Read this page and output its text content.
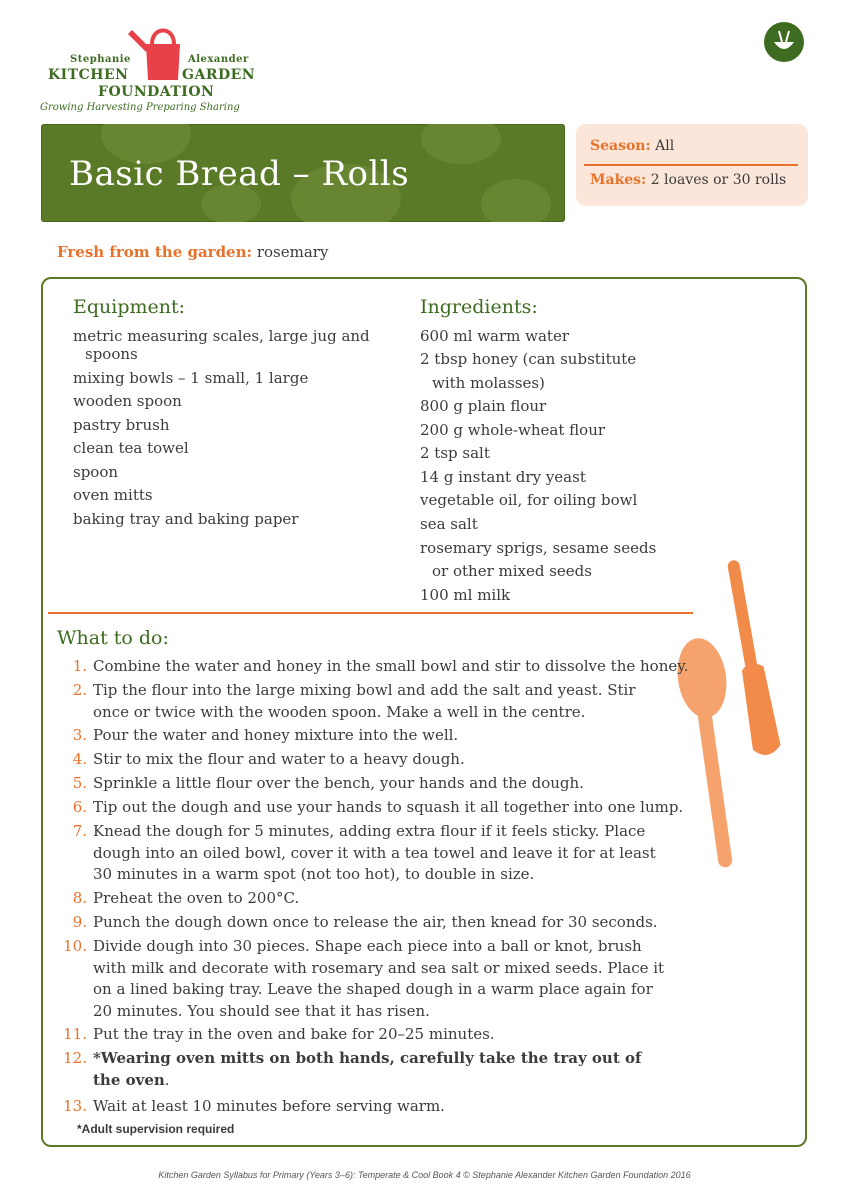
Stephanie	Alexander
KITCHEN	GARDEN
FOUNDATION
Growing Harvesting Preparing Sharing
Basic Bread – Rolls
Season: All
Makes: 2 loaves or 30 rolls
Fresh from the garden: rosemary
Equipment:
metric measuring scales, large jug and
spoons
mixing bowls – 1 small, 1 large
wooden spoon
pastry brush
clean tea towel
spoon
oven mitts
baking tray and baking paper
Ingredients:
600 ml warm water
2 tbsp honey (can substitute
with molasses)
800 g plain flour
200 g whole-wheat flour
2 tsp salt
14 g instant dry yeast
vegetable oil, for oiling bowl
sea salt
rosemary sprigs, sesame seeds
or other mixed seeds
100 ml milk
What to do:
1. Combine the water and honey in the small bowl and stir to dissolve the honey.
2. Tip the flour into the large mixing bowl and add the salt and yeast. Stir once or twice with the wooden spoon. Make a well in the centre.
3. Pour the water and honey mixture into the well.
4. Stir to mix the flour and water to a heavy dough.
5. Sprinkle a little flour over the bench, your hands and the dough.
6. Tip out the dough and use your hands to squash it all together into one lump.
7. Knead the dough for 5 minutes, adding extra flour if it feels sticky. Place dough into an oiled bowl, cover it with a tea towel and leave it for at least 30 minutes in a warm spot (not too hot), to double in size.
8. Preheat the oven to 200°C.
9. Punch the dough down once to release the air, then knead for 30 seconds.
10. Divide dough into 30 pieces. Shape each piece into a ball or knot, brush with milk and decorate with rosemary and sea salt or mixed seeds. Place it on a lined baking tray. Leave the shaped dough in a warm place again for 20 minutes. You should see that it has risen.
11. Put the tray in the oven and bake for 20–25 minutes.
12. *Wearing oven mitts on both hands, carefully take the tray out of the oven.
13. Wait at least 10 minutes before serving warm.
*Adult supervision required
Kitchen Garden Syllabus for Primary (Years 3–6): Temperate & Cool Book 4 © Stephanie Alexander Kitchen Garden Foundation 2016
